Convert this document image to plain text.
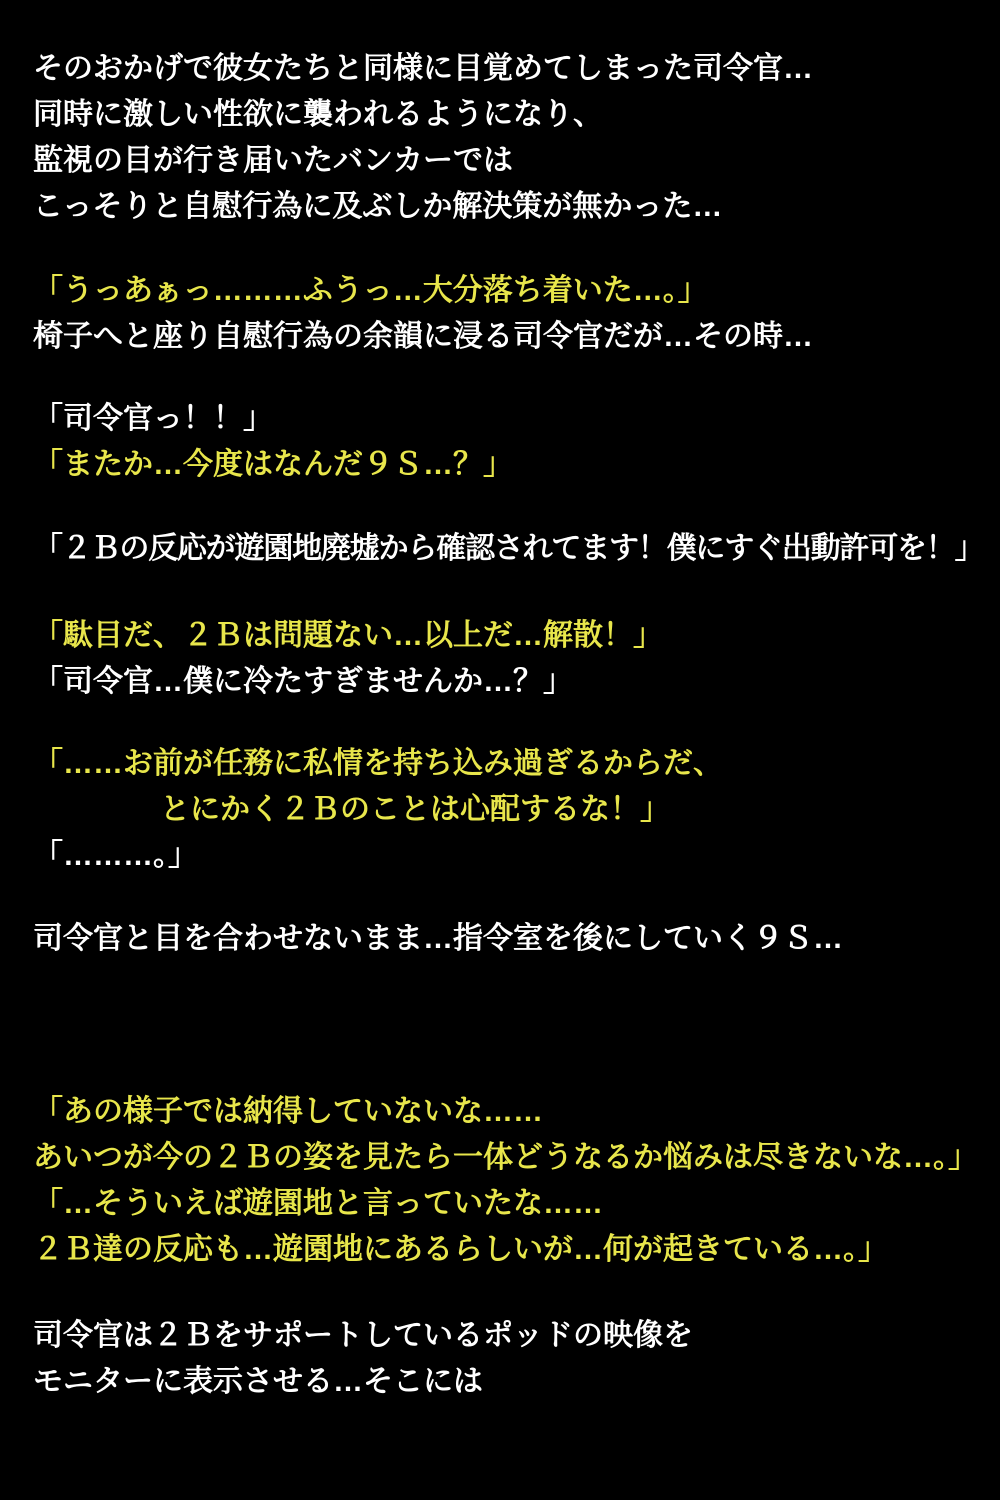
そのおかげで彼女たちと同様に目覚めてしまった司令官…
同時に激しい性欲に襲われるようになり、
監視の目が行き届いたバンカーでは
こっそりと自慰行為に及ぶしか解決策が無かった…
「うっあぁっ………ふうっ…大分落ち着いた…。」
椅子へと座り自慰行為の余韻に浸る司令官だが…その時…
「司令官っ！！」
「またか…今度はなんだ９Ｓ…？」
「２Ｂの反応が遊園地廃墟から確認されてます！僕にすぐ出動許可を！」
「駄目だ、２Ｂは問題ない…以上だ…解散！」
「司令官…僕に冷たすぎませんか…？」
「……お前が任務に私情を持ち込み過ぎるからだ、
とにかく２Ｂのことは心配するな！」
「………。」
司令官と目を合わせないまま…指令室を後にしていく９Ｓ…
「あの様子では納得していないな……
あいつが今の２Ｂの姿を見たら一体どうなるか悩みは尽きないな…。」
「…そういえば遊園地と言っていたな……
２Ｂ達の反応も…遊園地にあるらしいが…何が起きている…。」
司令官は２Ｂをサポートしているポッドの映像を
モニターに表示させる…そこには
